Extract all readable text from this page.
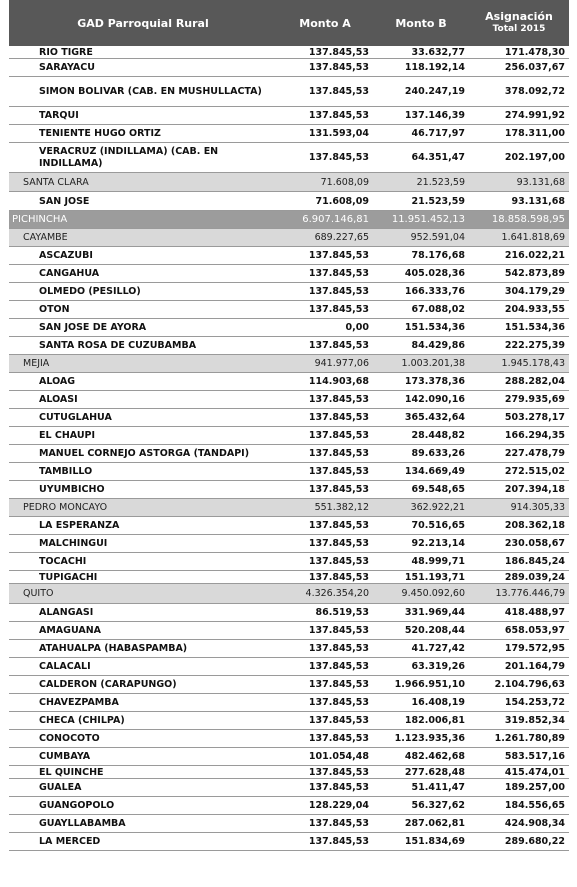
GAD Parroquial Rural	Monto A	Monto B	Asignación
Total 2015
RIO TIGRE	137.845,53	33.632,77	171.478,30
SARAYACU	137.845,53	118.192,14	256.037,67
SIMON BOLIVAR (CAB. EN MUSHULLACTA)	137.845,53	240.247,19	378.092,72
TARQUI	137.845,53	137.146,39	274.991,92
TENIENTE HUGO ORTIZ	131.593,04	46.717,97	178.311,00
VERACRUZ (INDILLAMA) (CAB. EN INDILLAMA)	137.845,53	64.351,47	202.197,00
SANTA CLARA	71.608,09	21.523,59	93.131,68
SAN JOSE	71.608,09	21.523,59	93.131,68
PICHINCHA	6.907.146,81	11.951.452,13	18.858.598,95
CAYAMBE	689.227,65	952.591,04	1.641.818,69
ASCAZUBI	137.845,53	78.176,68	216.022,21
CANGAHUA	137.845,53	405.028,36	542.873,89
OLMEDO (PESILLO)	137.845,53	166.333,76	304.179,29
OTON	137.845,53	67.088,02	204.933,55
SAN JOSE DE AYORA	0,00	151.534,36	151.534,36
SANTA ROSA DE CUZUBAMBA	137.845,53	84.429,86	222.275,39
MEJIA	941.977,06	1.003.201,38	1.945.178,43
ALOAG	114.903,68	173.378,36	288.282,04
ALOASI	137.845,53	142.090,16	279.935,69
CUTUGLAHUA	137.845,53	365.432,64	503.278,17
EL CHAUPI	137.845,53	28.448,82	166.294,35
MANUEL CORNEJO ASTORGA (TANDAPI)	137.845,53	89.633,26	227.478,79
TAMBILLO	137.845,53	134.669,49	272.515,02
UYUMBICHO	137.845,53	69.548,65	207.394,18
PEDRO MONCAYO	551.382,12	362.922,21	914.305,33
LA ESPERANZA	137.845,53	70.516,65	208.362,18
MALCHINGUI	137.845,53	92.213,14	230.058,67
TOCACHI	137.845,53	48.999,71	186.845,24
TUPIGACHI	137.845,53	151.193,71	289.039,24
QUITO	4.326.354,20	9.450.092,60	13.776.446,79
ALANGASI	86.519,53	331.969,44	418.488,97
AMAGUAÑA	137.845,53	520.208,44	658.053,97
ATAHUALPA (HABASPAMBA)	137.845,53	41.727,42	179.572,95
CALACALI	137.845,53	63.319,26	201.164,79
CALDERON (CARAPUNGO)	137.845,53	1.966.951,10	2.104.796,63
CHAVEZPAMBA	137.845,53	16.408,19	154.253,72
CHECA (CHILPA)	137.845,53	182.006,81	319.852,34
CONOCOTO	137.845,53	1.123.935,36	1.261.780,89
CUMBAYA	101.054,48	482.462,68	583.517,16
EL QUINCHE	137.845,53	277.628,48	415.474,01
GUALEA	137.845,53	51.411,47	189.257,00
GUANGOPOLO	128.229,04	56.327,62	184.556,65
GUAYLLABAMBA	137.845,53	287.062,81	424.908,34
LA MERCED	137.845,53	151.834,69	289.680,22
